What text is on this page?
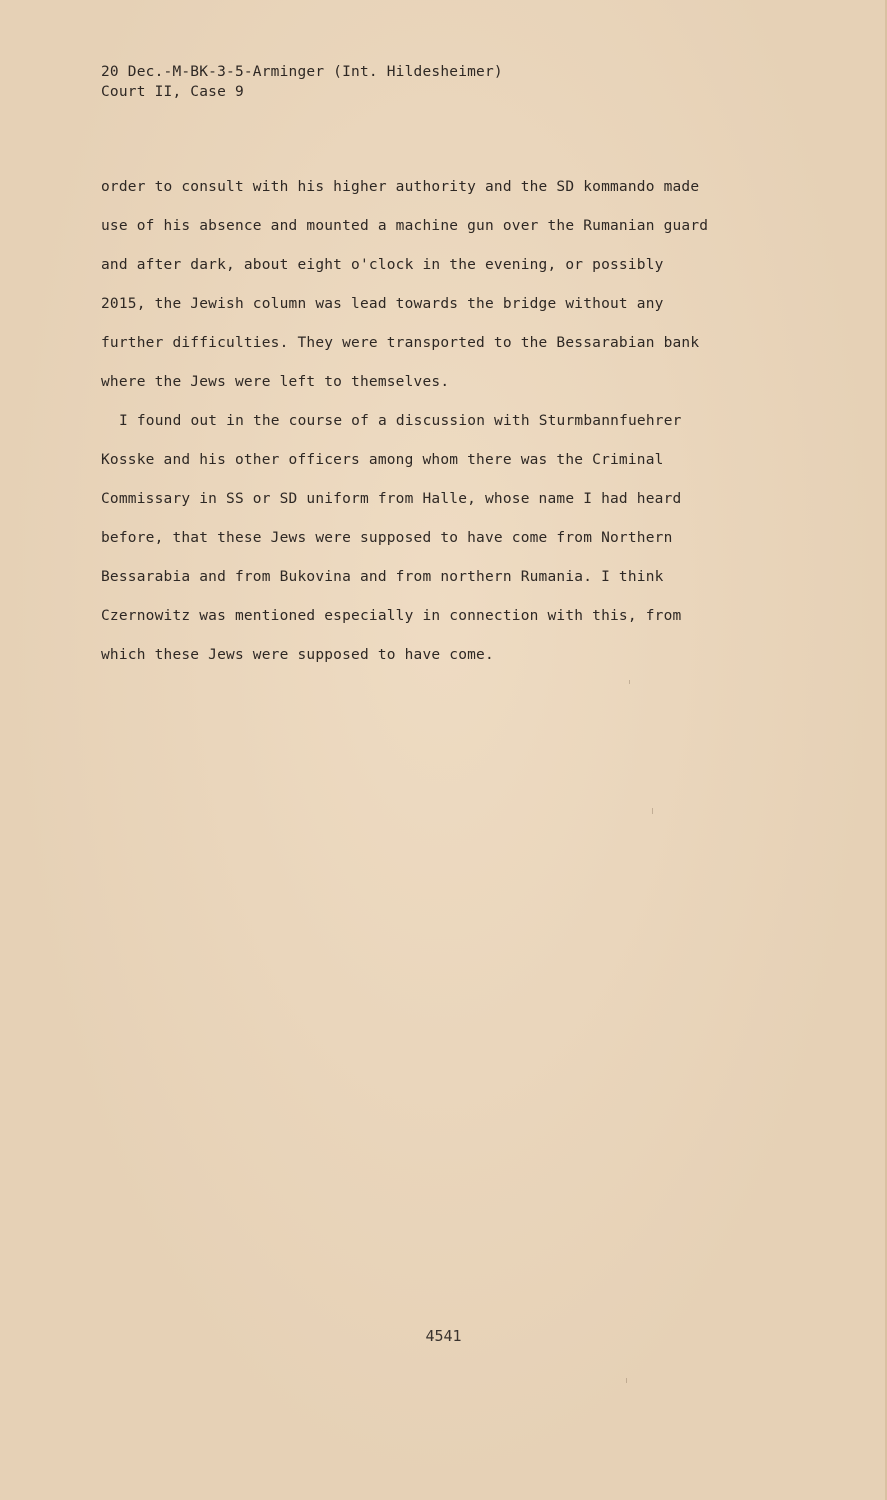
20 Dec.-M-BK-3-5-Arminger (Int. Hildesheimer)
Court II, Case 9
order to consult with his higher authority and the SD kommando made
use of his absence and mounted a machine gun over the Rumanian guard
and after dark, about eight o'clock in the evening, or possibly
2015, the Jewish column was lead towards the bridge without any
further difficulties. They were transported to the Bessarabian bank
where the Jews were left to themselves.
I found out in the course of a discussion with Sturmbannfuehrer
Kosske and his other officers among whom there was the Criminal
Commissary in SS or SD uniform from Halle, whose name I had heard
before, that these Jews were supposed to have come from Northern
Bessarabia and from Bukovina and from northern Rumania. I think
Czernowitz was mentioned especially in connection with this, from
which these Jews were supposed to have come.
4541
